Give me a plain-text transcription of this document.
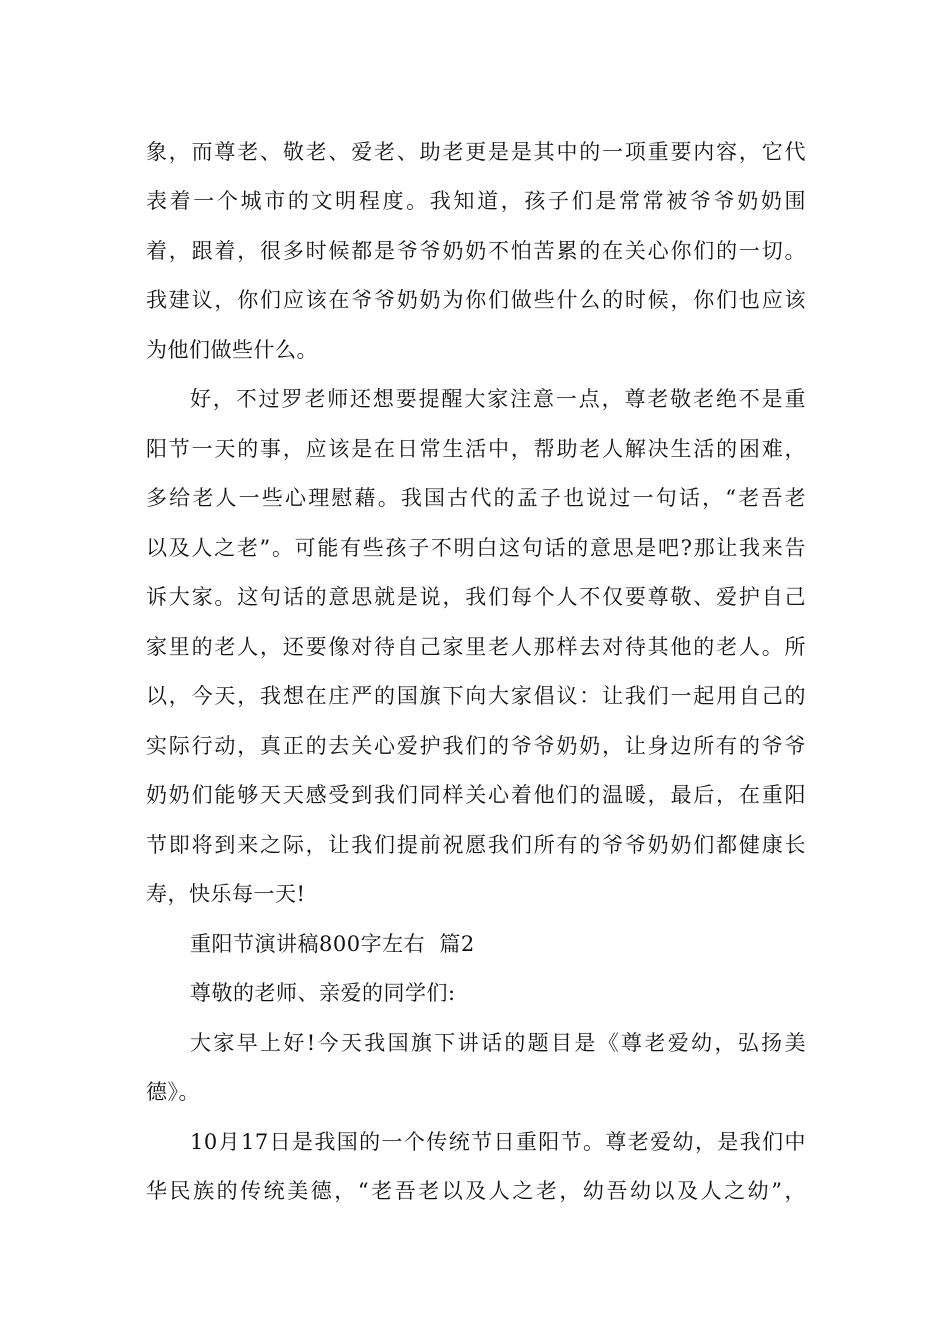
象，而尊老、敬老、爱老、助老更是是其中的一项重要内容，它代
表着一个城市的文明程度。我知道，孩子们是常常被爷爷奶奶围
着，跟着，很多时候都是爷爷奶奶不怕苦累的在关心你们的一切。
我建议，你们应该在爷爷奶奶为你们做些什么的时候，你们也应该
为他们做些什么。
好，不过罗老师还想要提醒大家注意一点，尊老敬老绝不是重
阳节一天的事，应该是在日常生活中，帮助老人解决生活的困难，
多给老人一些心理慰藉。我国古代的孟子也说过一句话，“老吾老
以及人之老”。可能有些孩子不明白这句话的意思是吧?那让我来告
诉大家。这句话的意思就是说，我们每个人不仅要尊敬、爱护自己
家里的老人，还要像对待自己家里老人那样去对待其他的老人。所
以，今天，我想在庄严的国旗下向大家倡议：让我们一起用自己的
实际行动，真正的去关心爱护我们的爷爷奶奶，让身边所有的爷爷
奶奶们能够天天感受到我们同样关心着他们的温暖，最后，在重阳
节即将到来之际，让我们提前祝愿我们所有的爷爷奶奶们都健康长
寿，快乐每一天!
重阳节演讲稿800字左右  篇2
尊敬的老师、亲爱的同学们:
大家早上好!今天我国旗下讲话的题目是《尊老爱幼，弘扬美
德》。
10月17日是我国的一个传统节日重阳节。尊老爱幼，是我们中
华民族的传统美德，“老吾老以及人之老，幼吾幼以及人之幼”，
